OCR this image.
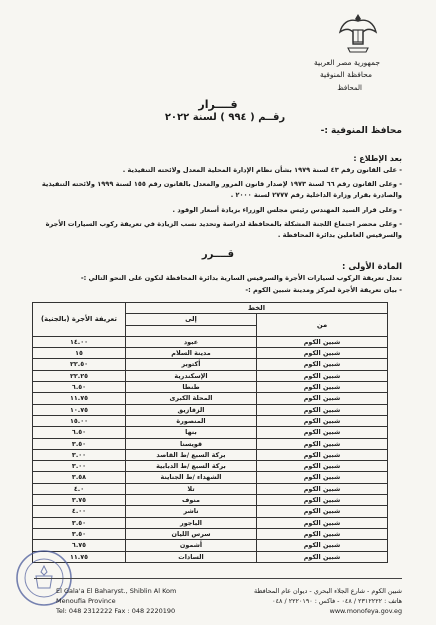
جمهورية مصر العربية
محافظة المنوفية
المحافظ
قــــرار
رقــم ( ٩٩٤ ) لسنة ٢٠٢٢
محافظ المنوفية :-
بعد الإطلاع :
- على القانون رقم ٤٣ لسنة ١٩٧٩ بشأن نظام الإدارة المحلية المعدل ولائحته التنفيذية .
- وعلى القانون رقم ٦٦ لسنة ١٩٧٣ لإصدار قانون المرور والمعدل بالقانون رقم ١٥٥ لسنة ١٩٩٩ ولائحته التنفيذية
والصادرة بقرار وزارة الداخلية رقم ٢٧٧٧ لسنة ٢٠٠٠ .
- وعلى قرار السيد المهندس رئيس مجلس الوزراء بزيادة أسعار الوقود .
- وعلى محضر اجتماع اللجنة المشكلة بالمحافظة لدراسة وتحديد نسب الزيادة في تعريفة ركوب السيارات الأجرة
والسرفيس العاملين بدائرة المحافظة .
قــــرر
المادة الأولى :
تعدل تعريفة الركوب لسيارات الأجرة والسرفيس السارية بدائرة المحافظة لتكون على النحو التالي :-
- بيان تعريفة الأجرة لمركز ومدينة شبين الكوم :-
الخط		تعريفة الأجرة (بالجنية)
من	إلى	

شبين الكوم	عبود	١٤.٠٠
شبين الكوم	مدينة السلام	١٥
شبين الكوم	أكتوبر	٢٢.٥٠
شبين الكوم	الإسكندرية	٢٢.٢٥
شبين الكوم	طنطا	٦.٥٠
شبين الكوم	المحلة الكبرى	١١.٧٥
شبين الكوم	الزقازيق	١٠.٧٥
شبين الكوم	المنصورة	١٥.٠٠
شبين الكوم	بنها	٦.٥٠
شبين الكوم	قويسنا	٣.٥٠
شبين الكوم	بركة السبع /ط القاصد	٣.٠٠
شبين الكوم	بركة السبع /ط الدبابية	٣.٠٠
شبين الكوم	الشهداء /ط الجناينة	٣.٥٨
شبين الكوم	تلا	٤.٠
شبين الكوم	منوف	٣.٧٥
شبين الكوم	ناشر	٤.٠٠
شبين الكوم	الباجور	٣.٥٠
شبين الكوم	سرس الليان	٣.٥٠
شبين الكوم	أشمون	٦.٧٥
شبين الكوم	السادات	١١.٧٥
El Gala'a El Baharyst., Shiblin Al Kom
Menoufia Province
Tel: 048 2312222 Fax : 048 2220190
شبين الكوم - شارع الجلاء البحري - ديوان عام المحافظة
هاتف : ٢٣١٢٢٢٢ / ٠٤٨ - فاكس : ٢٢٢٠١٩٠ / ٠٤٨
www.monofeya.gov.eg
